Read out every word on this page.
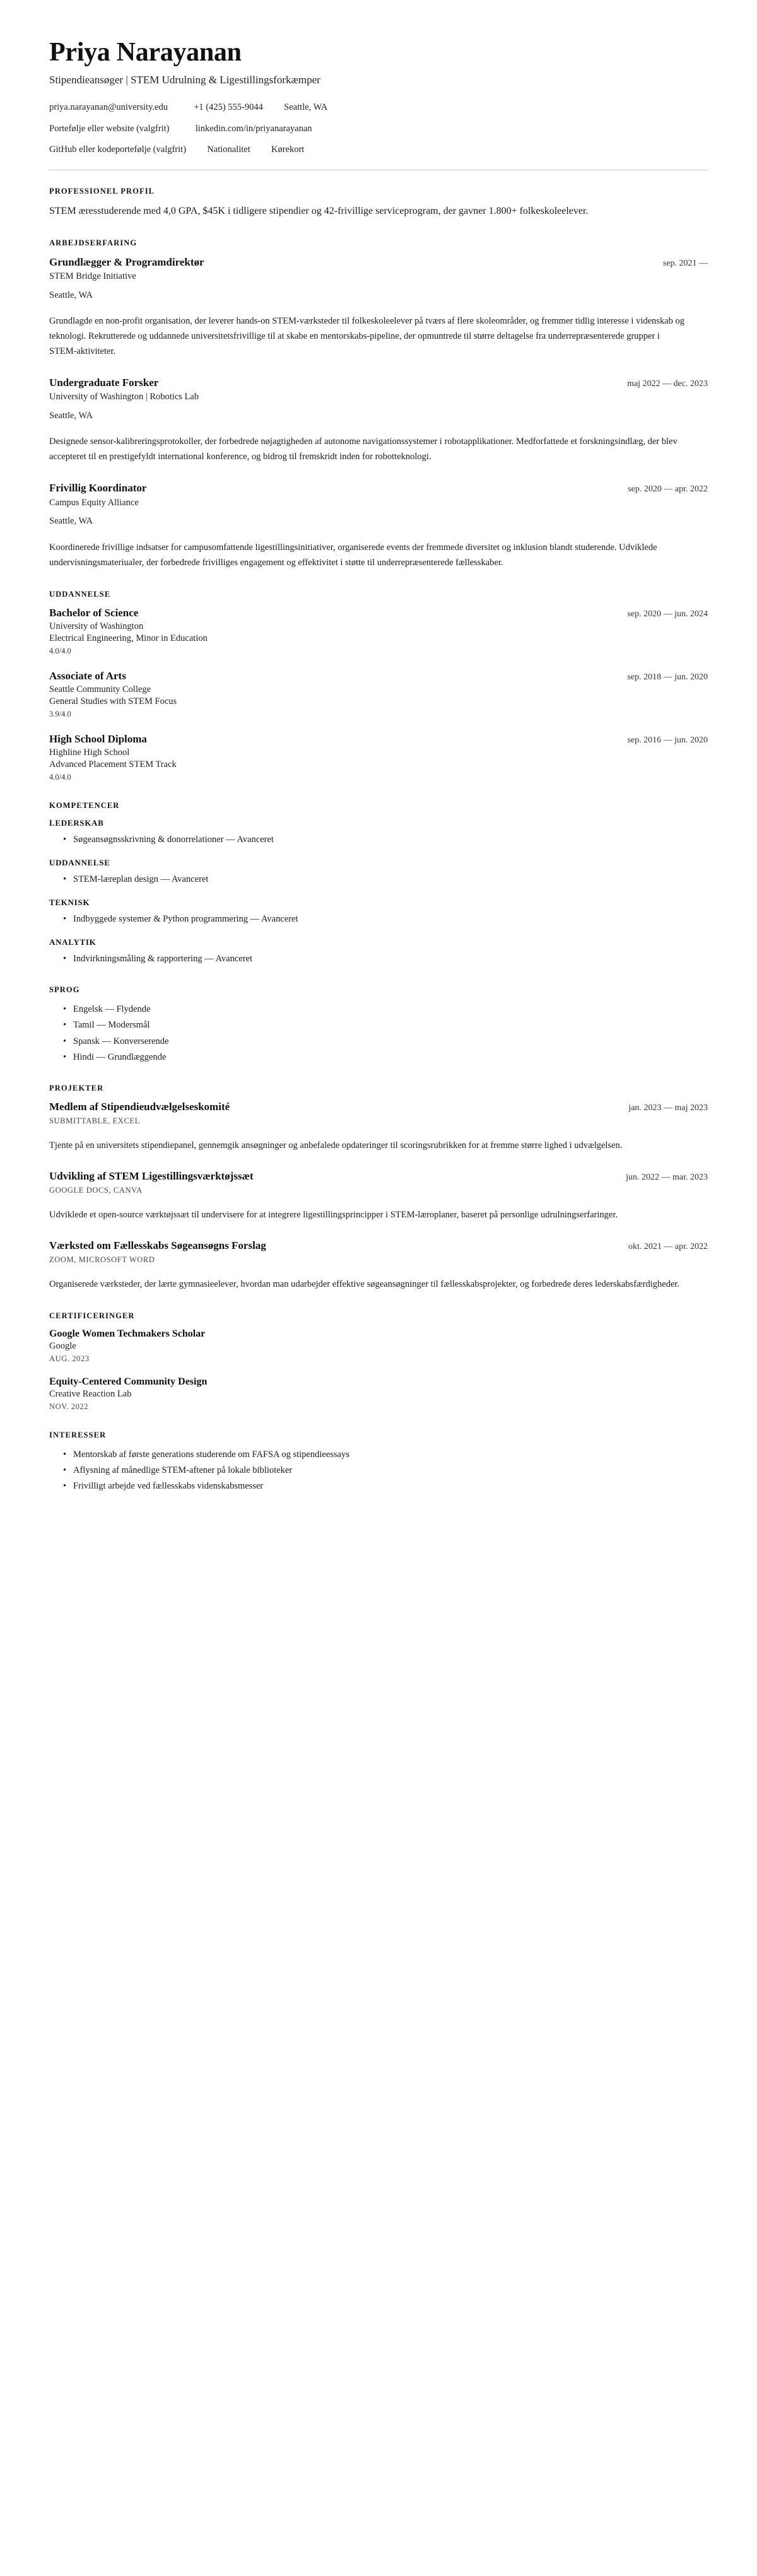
Priya Narayanan
Stipendieansøger | STEM Udrulning & Ligestillingsforkæmper
priya.narayanan@university.edu	+1 (425) 555-9044 Seattle, WA
Portefølje eller website (valgfrit)	linkedin.com/in/priyanarayanan
GitHub eller kodeportefølje (valgfrit) Nationalitet Kørekort
PROFESSIONEL PROFIL

STEM æresstuderende med 4,0 GPA, $45K i tidligere stipendier og 42-frivillige serviceprogram, der gavner 1.800+ folkeskoleelever.

ARBEJDSERFARING
Grundlægger & Programdirektør	sep. 2021 —
STEM Bridge Initiative
Seattle, WA
Grundlagde en non-profit organisation, der leverer hands-on STEM-værksteder til folkeskoleelever på tværs af flere skoleområder, og fremmer tidlig interesse i videnskab og teknologi. Rekrutterede og uddannede universitetsfrivillige til at skabe en mentorskabs-pipeline, der opmuntrede til større deltagelse fra underrepræsenterede grupper i STEM-aktiviteter.
Undergraduate Forsker	maj 2022 — dec. 2023
University of Washington | Robotics Lab
Seattle, WA
Designede sensor-kalibreringsprotokoller, der forbedrede nøjagtigheden af autonome navigationssystemer i robotapplikationer. Medforfattede et forskningsindlæg, der blev accepteret til en prestigefyldt international konference, og bidrog til fremskridt inden for robotteknologi.
Frivillig Koordinator	sep. 2020 — apr. 2022
Campus Equity Alliance
Seattle, WA
Koordinerede frivillige indsatser for campusomfattende ligestillingsinitiativer, organiserede events der fremmede diversitet og inklusion blandt studerende. Udviklede undervisningsmateriualer, der forbedrede frivilliges engagement og effektivitet i støtte til underrepræsenterede fællesskaber.
UDDANNELSE
Bachelor of Science	sep. 2020 — jun. 2024
University of Washington
Electrical Engineering, Minor in Education
4.0/4.0
Associate of Arts	sep. 2018 — jun. 2020
Seattle Community College
General Studies with STEM Focus
3.9/4.0
High School Diploma	sep. 2016 — jun. 2020
Highline High School
Advanced Placement STEM Track
4.0/4.0
KOMPETENCER
LEDERSKAB
• Søgeansøgnsskrivning & donorrelationer — Avanceret
UDDANNELSE
• STEM-læreplan design — Avanceret
TEKNISK
• Indbyggede systemer & Python programmering — Avanceret
ANALYTIK
• Indvirkningsmåling & rapportering — Avanceret
SPROG
• Engelsk — Flydende
• Tamil — Modersmål
• Spansk — Konverserende
• Hindi — Grundlæggende
PROJEKTER
Medlem af Stipendieudvælgelseskomité	jan. 2023 — maj 2023
SUBMITTABLE, EXCEL
Tjente på en universitets stipendiepanel, gennemgik ansøgninger og anbefalede opdateringer til scoringsrubrikken for at fremme større lighed i udvælgelsen.
Udvikling af STEM Ligestillingsværktøjssæt	jun. 2022 — mar. 2023
GOOGLE DOCS, CANVA
Udviklede et open-source værktøjssæt til undervisere for at integrere ligestillingsprincipper i STEM-læroplaner, baseret på personlige udrulningserfaringer.
Værksted om Fællesskabs Søgeansøgns Forslag	okt. 2021 — apr. 2022
ZOOM, MICROSOFT WORD
Organiserede værksteder, der lærte gymnasieelever, hvordan man udarbejder effektive søgeansøgninger til fællesskabsprojekter, og forbedrede deres lederskabsfærdigheder.
CERTIFICERINGER
Google Women Techmakers Scholar
Google
AUG. 2023
Equity-Centered Community Design
Creative Reaction Lab
NOV. 2022
INTERESSER
• Mentorskab af første generations studerende om FAFSA og stipendieessays
• Aflysning af månedlige STEM-aftener på lokale biblioteker
• Frivilligt arbejde ved fællesskabs videnskabsmesser
